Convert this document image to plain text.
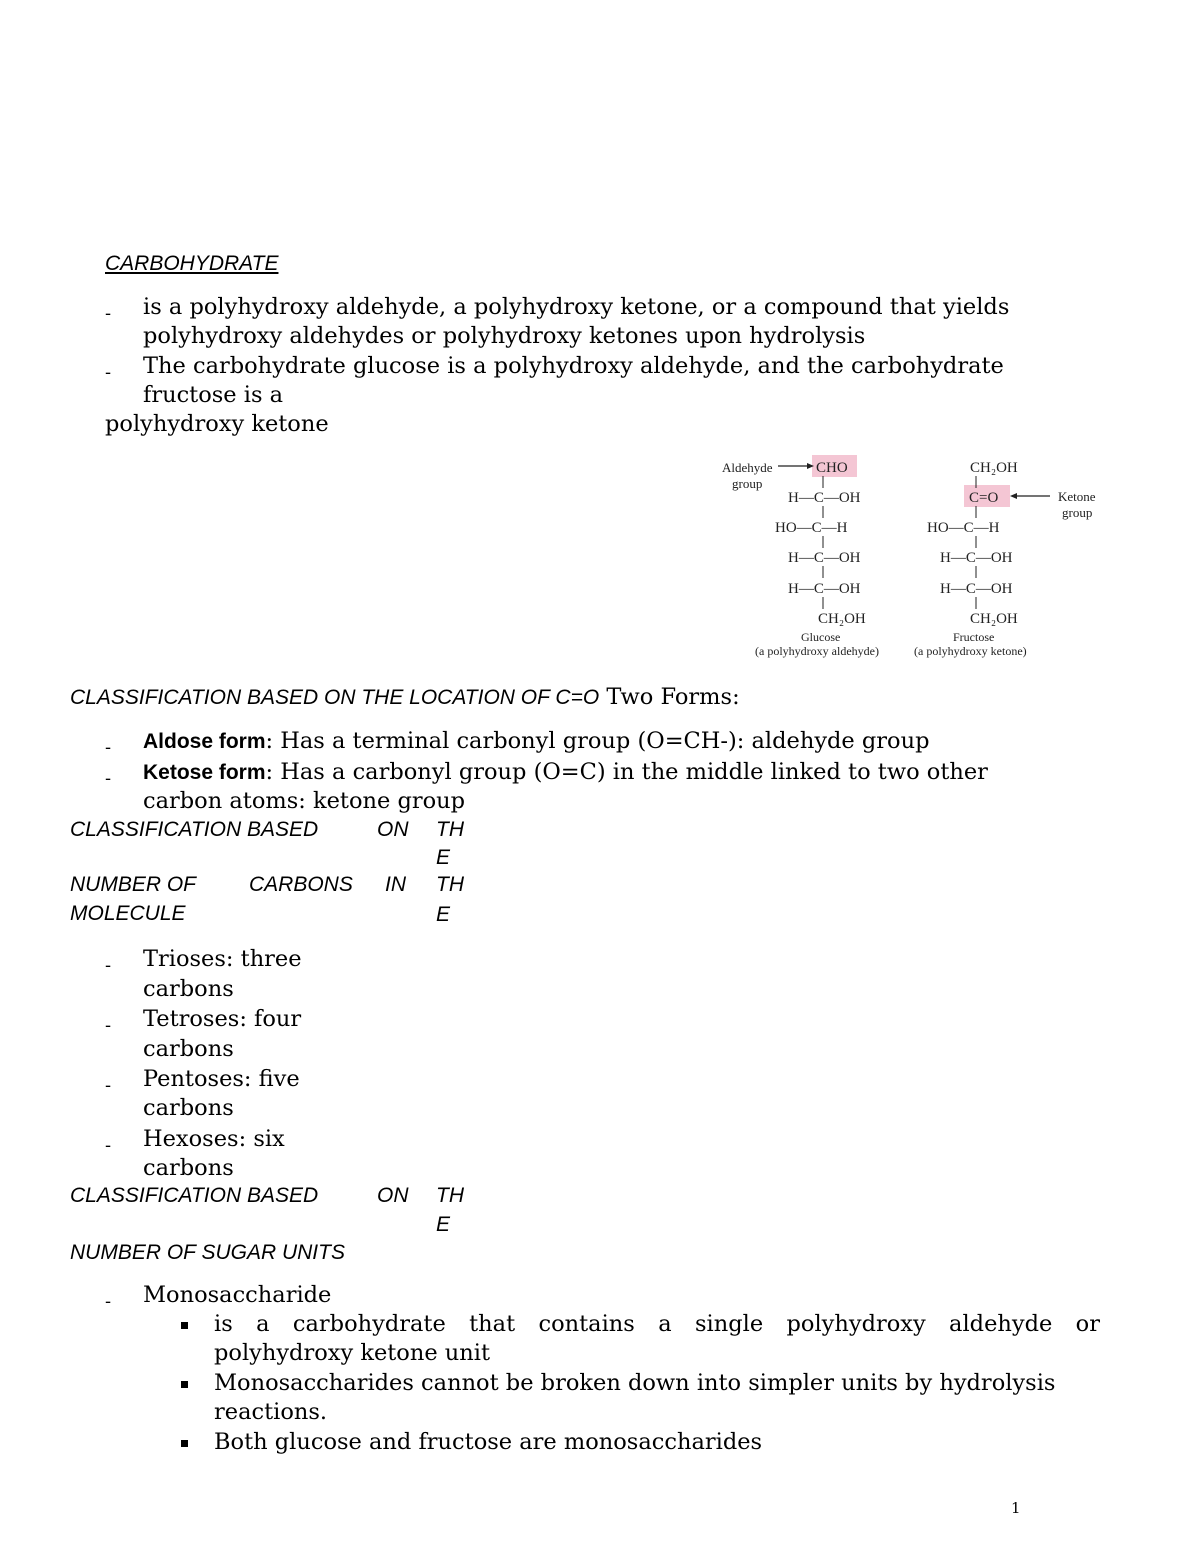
CARBOHYDRATE
- is a polyhydroxy aldehyde, a polyhydroxy ketone, or a compound that yields
polyhydroxy aldehydes or polyhydroxy ketones upon hydrolysis
- The carbohydrate glucose is a polyhydroxy aldehyde, and the carbohydrate
fructose is a
polyhydroxy ketone
Aldehyde
group
CHO
H—C—OH
HO—C—H
H—C—OH
H—C—OH
CH₂OH
Glucose
(a polyhydroxy aldehyde)
CH₂OH
C=O	Ketone
group
HO—C—H
H—C—OH
H—C—OH
CH₂OH
Fructose
(a polyhydroxy ketone)
CLASSIFICATION BASED ON THE LOCATION OF C=O Two Forms:
- Aldose form: Has a terminal carbonyl group (O=CH-): aldehyde group
- Ketose form: Has a carbonyl group (O=C) in the middle linked to two other
carbon atoms: ketone group
CLASSIFICATION BASED	ON TH
E
NUMBER OF	CARBONS IN TH
MOLECULE	E
- Trioses: three
carbons
- Tetroses: four
carbons
- Pentoses: five
carbons
- Hexoses: six
carbons
CLASSIFICATION BASED	ON TH
E
NUMBER OF SUGAR UNITS
- Monosaccharide
is a carbohydrate that contains a single polyhydroxy aldehyde or
polyhydroxy ketone unit
Monosaccharides cannot be broken down into simpler units by hydrolysis
reactions.
Both glucose and fructose are monosaccharides
1
